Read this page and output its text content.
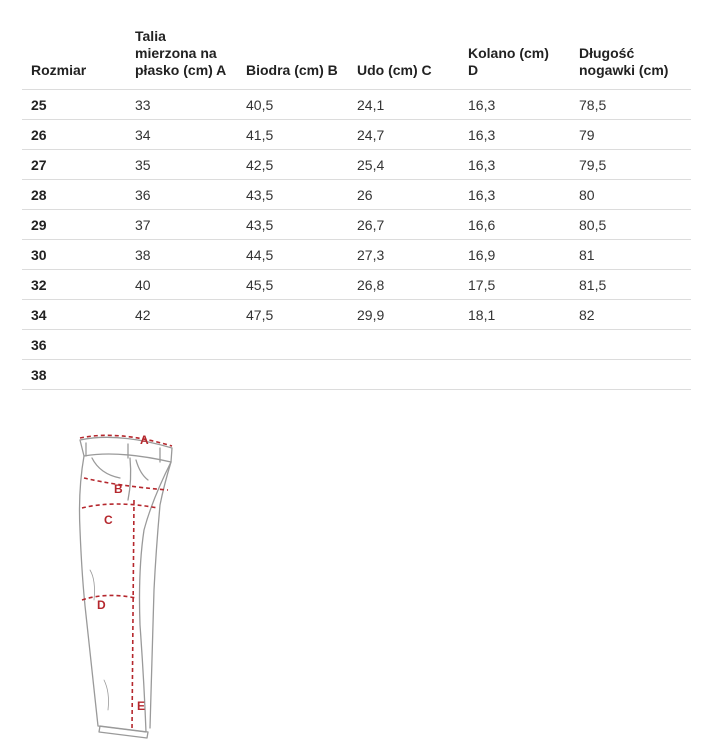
Rozmiar	Talia mierzona na płasko (cm) A	Biodra (cm) B	Udo (cm) C	Kolano (cm) D	Długość nogawki (cm)
25	33	40,5	24,1	16,3	78,5
26	34	41,5	24,7	16,3	79
27	35	42,5	25,4	16,3	79,5
28	36	43,5	26	16,3	80
29	37	43,5	26,7	16,6	80,5
30	38	44,5	27,3	16,9	81
32	40	45,5	26,8	17,5	81,5
34	42	47,5	29,9	18,1	82
36					
38					
A
B
C
D
E
